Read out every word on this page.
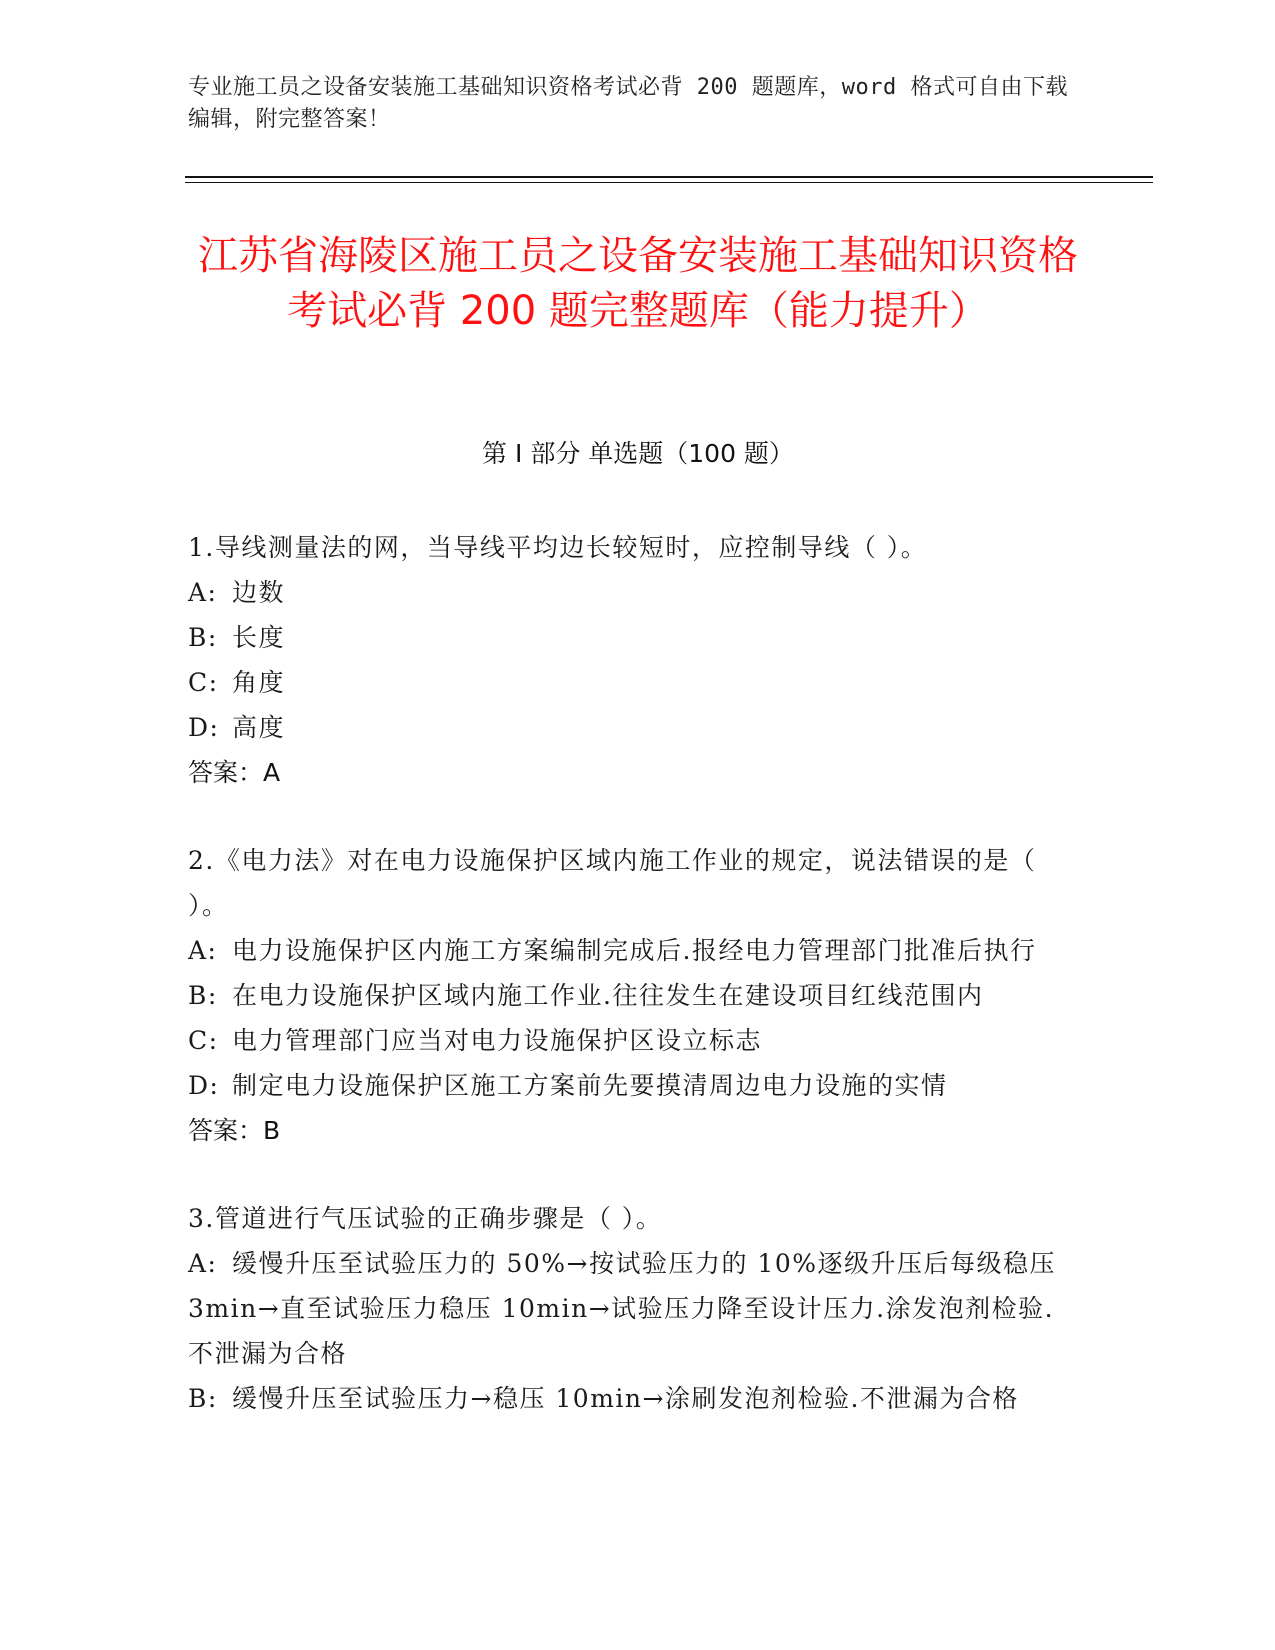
专业施工员之设备安装施工基础知识资格考试必背 200 题题库，word 格式可自由下载编辑，附完整答案！
江苏省海陵区施工员之设备安装施工基础知识资格考试必背 200 题完整题库（能力提升）
第 I 部分 单选题（100 题）
1.导线测量法的网，当导线平均边长较短时，应控制导线（ ）。
A: 边数
B: 长度
C: 角度
D: 高度
答案：A
2.《电力法》对在电力设施保护区域内施工作业的规定，说法错误的是（ ）。
A: 电力设施保护区内施工方案编制完成后.报经电力管理部门批准后执行
B: 在电力设施保护区域内施工作业.往往发生在建设项目红线范围内
C: 电力管理部门应当对电力设施保护区设立标志
D: 制定电力设施保护区施工方案前先要摸清周边电力设施的实情
答案：B
3.管道进行气压试验的正确步骤是（ ）。
A: 缓慢升压至试验压力的 50%→按试验压力的 10%逐级升压后每级稳压 3min→直至试验压力稳压 10min→试验压力降至设计压力.涂发泡剂检验.不泄漏为合格
B: 缓慢升压至试验压力→稳压 10min→涂刷发泡剂检验.不泄漏为合格
